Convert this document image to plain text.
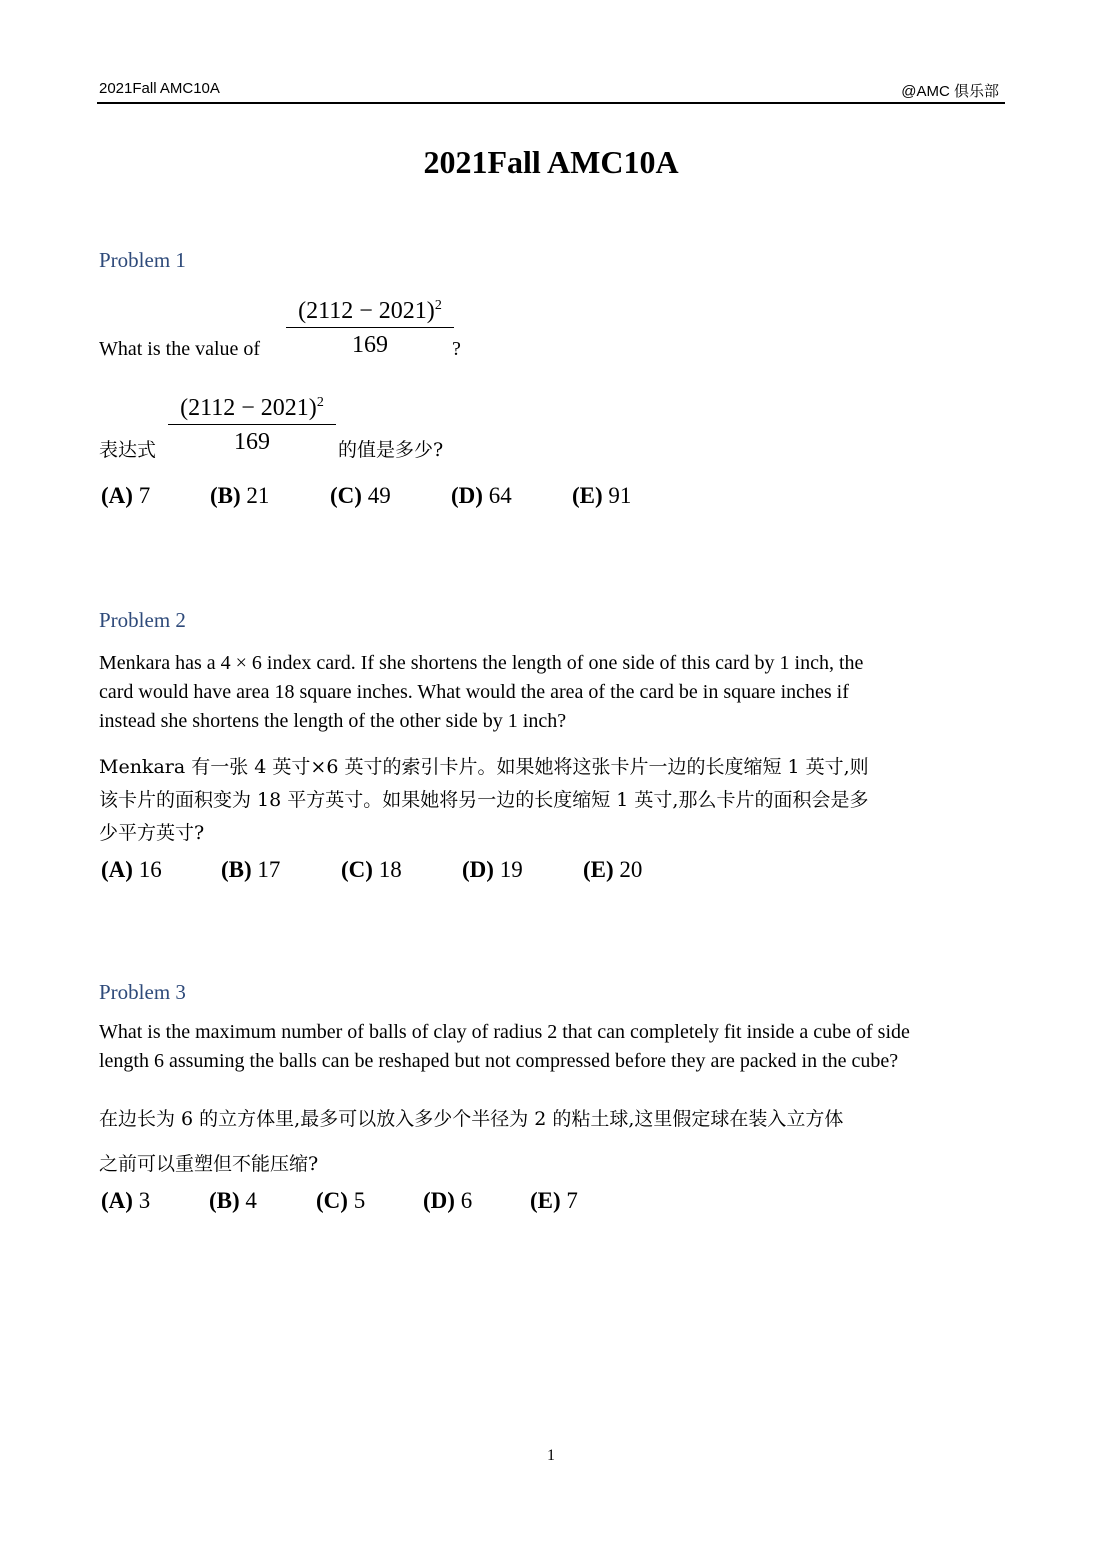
2021Fall AMC10A	@AMC 俱乐部
2021Fall AMC10A
Problem 1
What is the value of $\frac{(2112 - 2021)^2}{169}$
?
表达式 $\frac{(2112 - 2021)^2}{169}$ 的值是多少?
(A) 7	(B) 21	(C) 49	(D) 64	(E) 91
Problem 2
Menkara has a 4 × 6 index card. If she shortens the length of one side of this card by 1 inch, the
card would have area 18 square inches. What would the area of the card be in square inches if
instead she shortens the length of the other side by 1 inch?
Menkara 有一张 4 英寸×6 英寸的索引卡片。如果她将这张卡片一边的长度缩短 1 英寸,则
该卡片的面积变为 18 平方英寸。如果她将另一边的长度缩短 1 英寸,那么卡片的面积会是多
少平方英寸?
(A) 16	(B) 17	(C) 18	(D) 19	(E) 20
Problem 3
What is the maximum number of balls of clay of radius 2 that can completely fit inside a cube of side
length 6 assuming the balls can be reshaped but not compressed before they are packed in the cube?
在边长为 6 的立方体里,最多可以放入多少个半径为 2 的粘土球,这里假定球在装入立方体
之前可以重塑但不能压缩?
(A) 3	(B) 4	(C) 5	(D) 6	(E) 7
1
